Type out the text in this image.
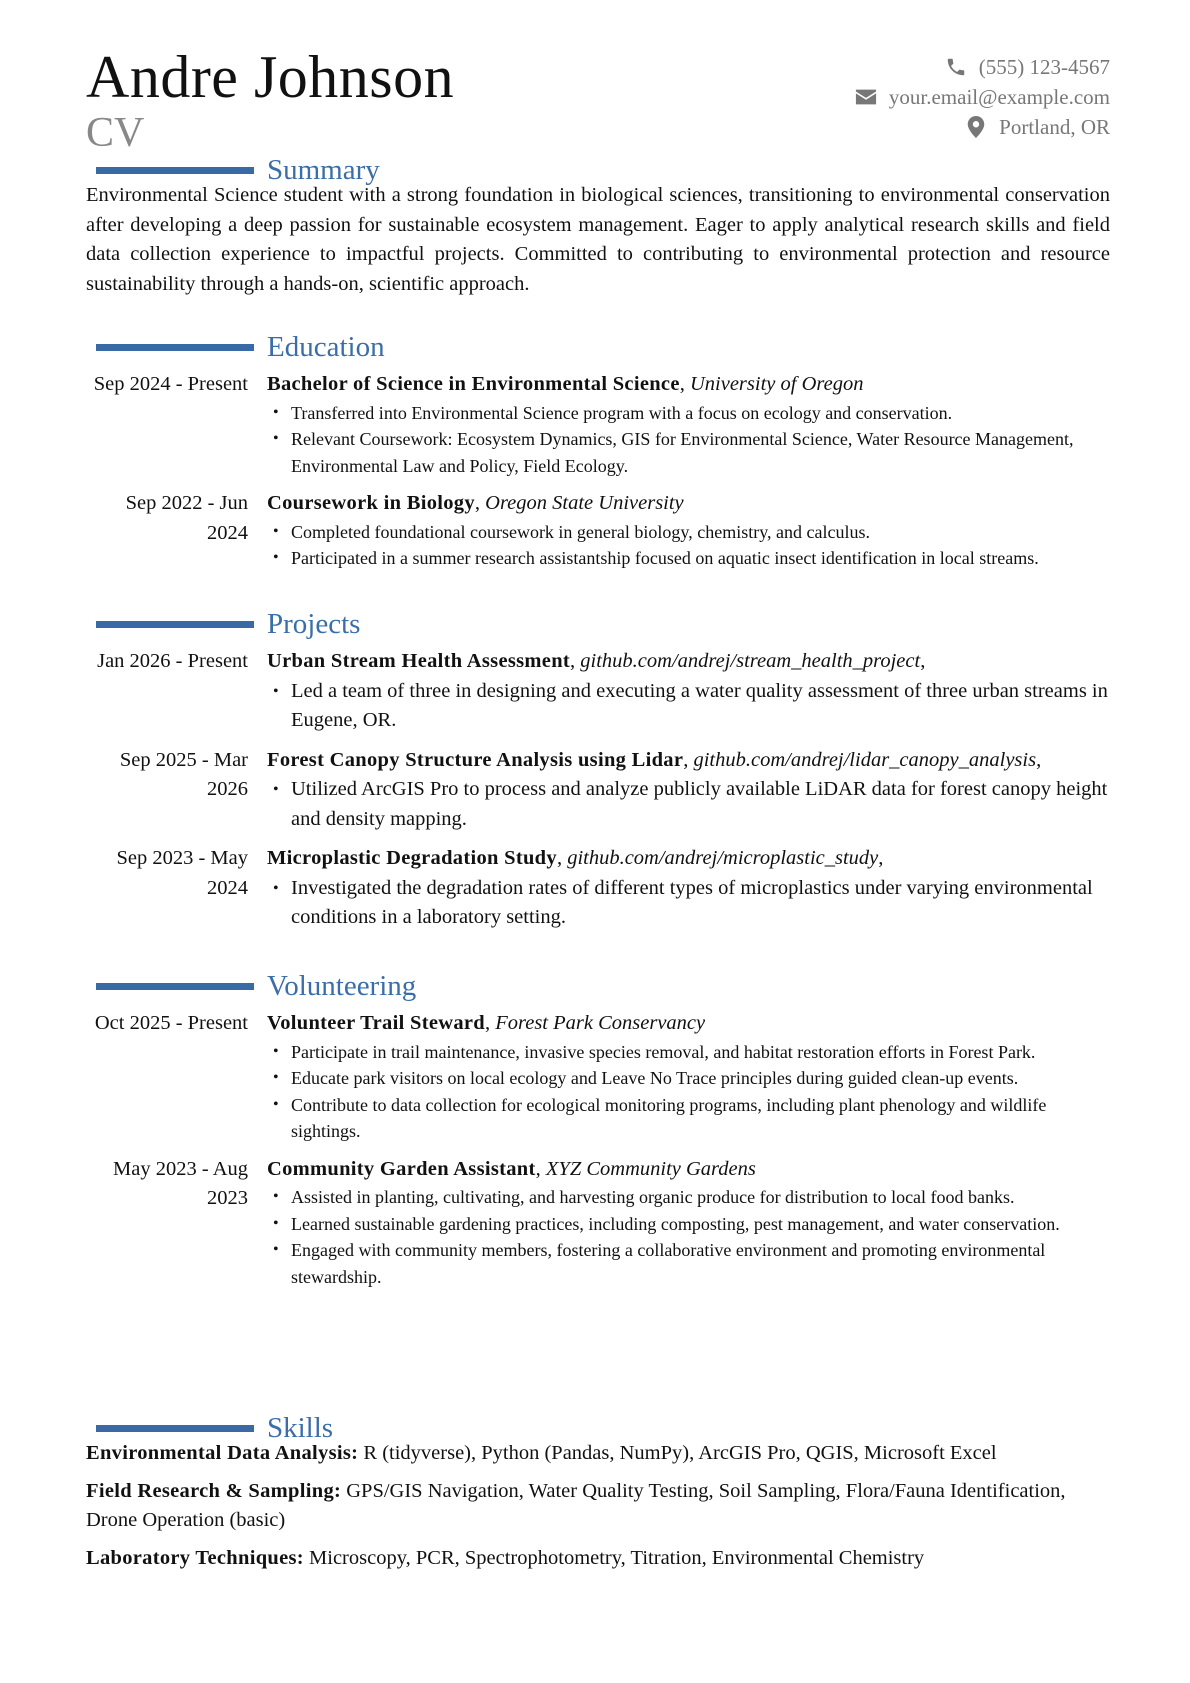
Andre Johnson
CV
(555) 123-4567
your.email@example.com
Portland, OR
Summary

Environmental Science student with a strong foundation in biological sciences, transitioning to environmental conservation after developing a deep passion for sustainable ecosystem management. Eager to apply analytical research skills and field data collection experience to impactful projects. Committed to contributing to environmental protection and resource sustainability through a hands-on, scientific approach.

Education
Sep 2024 - Present Bachelor of Science in Environmental Science, University of Oregon
• Transferred into Environmental Science program with a focus on ecology and conservation.
• Relevant Coursework: Ecosystem Dynamics, GIS for Environmental Science, Water Resource Management, Environmental Law and Policy, Field Ecology.
Sep 2022 - Jun 2024
Coursework in Biology, Oregon State University
• Completed foundational coursework in general biology, chemistry, and calculus.
• Participated in a summer research assistantship focused on aquatic insect identification in local streams.
Projects
Jan 2026 - Present Urban Stream Health Assessment, github.com/andrej/stream_health_project,
• Led a team of three in designing and executing a water quality assessment of three urban streams in Eugene, OR.
Sep 2025 - Mar 2026
Forest Canopy Structure Analysis using Lidar, github.com/andrej/lidar_canopy_analysis,
• Utilized ArcGIS Pro to process and analyze publicly available LiDAR data for forest canopy height and density mapping.
Sep 2023 - May 2024
Microplastic Degradation Study, github.com/andrej/microplastic_study,
• Investigated the degradation rates of different types of microplastics under varying environmental conditions in a laboratory setting.
Volunteering
Oct 2025 - Present Volunteer Trail Steward, Forest Park Conservancy
• Participate in trail maintenance, invasive species removal, and habitat restoration efforts in Forest Park.
• Educate park visitors on local ecology and Leave No Trace principles during guided clean-up events.
• Contribute to data collection for ecological monitoring programs, including plant phenology and wildlife sightings.
May 2023 - Aug 2023
Community Garden Assistant, XYZ Community Gardens
• Assisted in planting, cultivating, and harvesting organic produce for distribution to local food banks.
• Learned sustainable gardening practices, including composting, pest management, and water conservation.
• Engaged with community members, fostering a collaborative environment and promoting environmental stewardship.
Skills

Environmental Data Analysis: R (tidyverse), Python (Pandas, NumPy), ArcGIS Pro, QGIS, Microsoft Excel

Field Research & Sampling: GPS/GIS Navigation, Water Quality Testing, Soil Sampling, Flora/Fauna Identification, Drone Operation (basic)

Laboratory Techniques: Microscopy, PCR, Spectrophotometry, Titration, Environmental Chemistry
